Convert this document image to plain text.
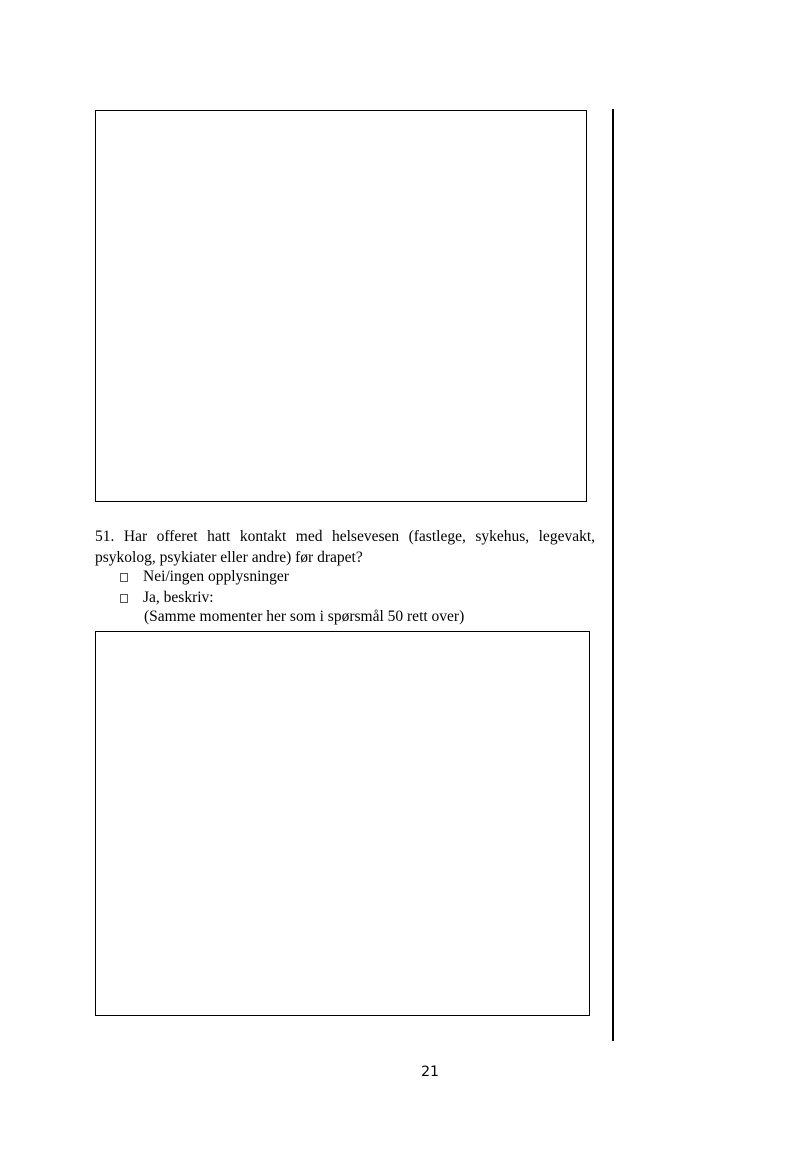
51. Har offeret hatt kontakt med helsevesen (fastlege, sykehus, legevakt, psykolog, psykiater eller andre) før drapet?
Nei/ingen opplysninger
Ja, beskriv:
(Samme momenter her som i spørsmål 50 rett over)
21
